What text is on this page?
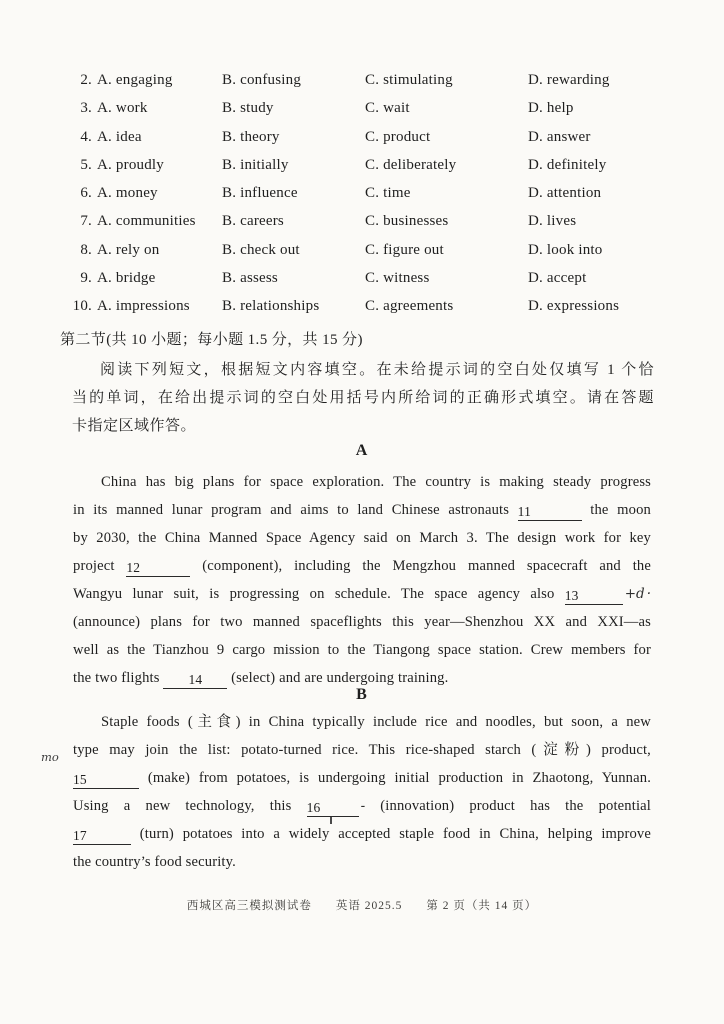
2. A. engaging	B. confusing	C. stimulating	D. rewarding
3. A. work	B. study	C. wait	D. help
4. A. idea	B. theory	C. product	D. answer
5. A. proudly	B. initially	C. deliberately	D. definitely
6. A. money	B. influence	C. time	D. attention
7. A. communities	B. careers	C. businesses	D. lives
8. A. rely on	B. check out	C. figure out	D. look into
9. A. bridge	B. assess	C. witness	D. accept
10. A. impressions	B. relationships	C. agreements	D. expressions
第二节(共 10 小题；每小题 1.5 分，共 15 分)
阅读下列短文，根据短文内容填空。在未给提示词的空白处仅填写 1 个恰
当的单词，在给出提示词的空白处用括号内所给词的正确形式填空。请在答题
卡指定区域作答。
A
China has big plans for space exploration. The country is making steady progress
in its manned lunar program and aims to land Chinese astronauts 11	the moon
by 2030, the China Manned Space Agency said on March 3. The design work for key
project 12	(component), including the Mengzhou manned spacecraft and the
Wangyu lunar suit, is progressing on schedule. The space agency also 13	+d ·
(announce) plans for two manned spaceflights this year—Shenzhou XX and XXI—as
well as the Tianzhou 9 cargo mission to the Tiangong space station. Crew members for
the two flights 14 (select) and are undergoing training.
B
Staple foods (主食) in China typically include rice and noodles, but soon, a new
type may join the list: potato-turned rice. This rice-shaped starch (淀粉) product,
15	(make) from potatoes, is undergoing initial production in Zhaotong, Yunnan.
Using a new technology, this 16	- (innovation) product has the potential
17	(turn) potatoes into a widely accepted staple food in China, helping improve
the country’s food security.
mo
西城区高三模拟测试卷 英语 2025.5 第 2 页（共 14 页）
